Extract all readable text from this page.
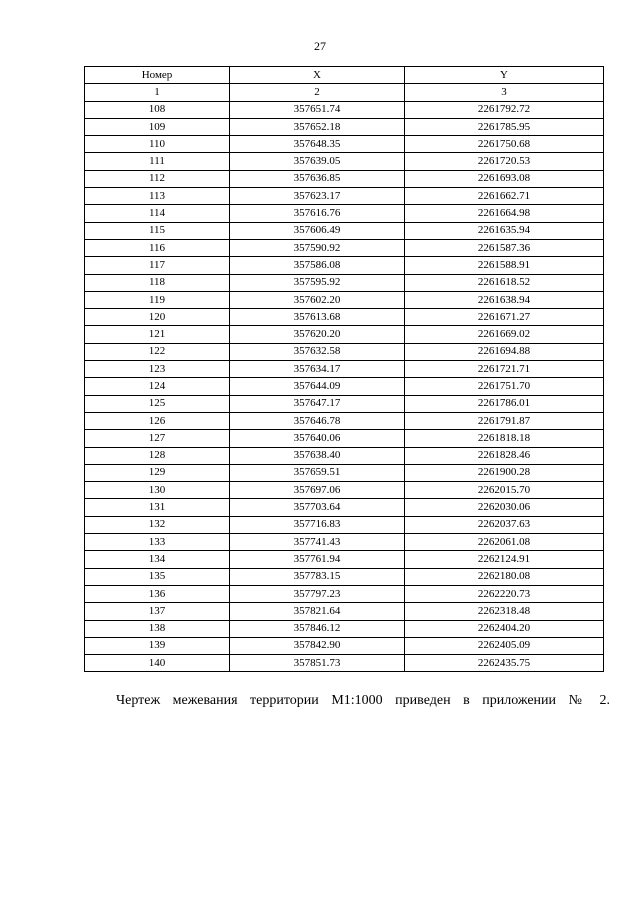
27
Номер	X	Y
1	2	3
108	357651.74	2261792.72
109	357652.18	2261785.95
110	357648.35	2261750.68
111	357639.05	2261720.53
112	357636.85	2261693.08
113	357623.17	2261662.71
114	357616.76	2261664.98
115	357606.49	2261635.94
116	357590.92	2261587.36
117	357586.08	2261588.91
118	357595.92	2261618.52
119	357602.20	2261638.94
120	357613.68	2261671.27
121	357620.20	2261669.02
122	357632.58	2261694.88
123	357634.17	2261721.71
124	357644.09	2261751.70
125	357647.17	2261786.01
126	357646.78	2261791.87
127	357640.06	2261818.18
128	357638.40	2261828.46
129	357659.51	2261900.28
130	357697.06	2262015.70
131	357703.64	2262030.06
132	357716.83	2262037.63
133	357741.43	2262061.08
134	357761.94	2262124.91
135	357783.15	2262180.08
136	357797.23	2262220.73
137	357821.64	2262318.48
138	357846.12	2262404.20
139	357842.90	2262405.09
140	357851.73	2262435.75
Чертеж межевания территории М1:1000 приведен в приложении № 2.
